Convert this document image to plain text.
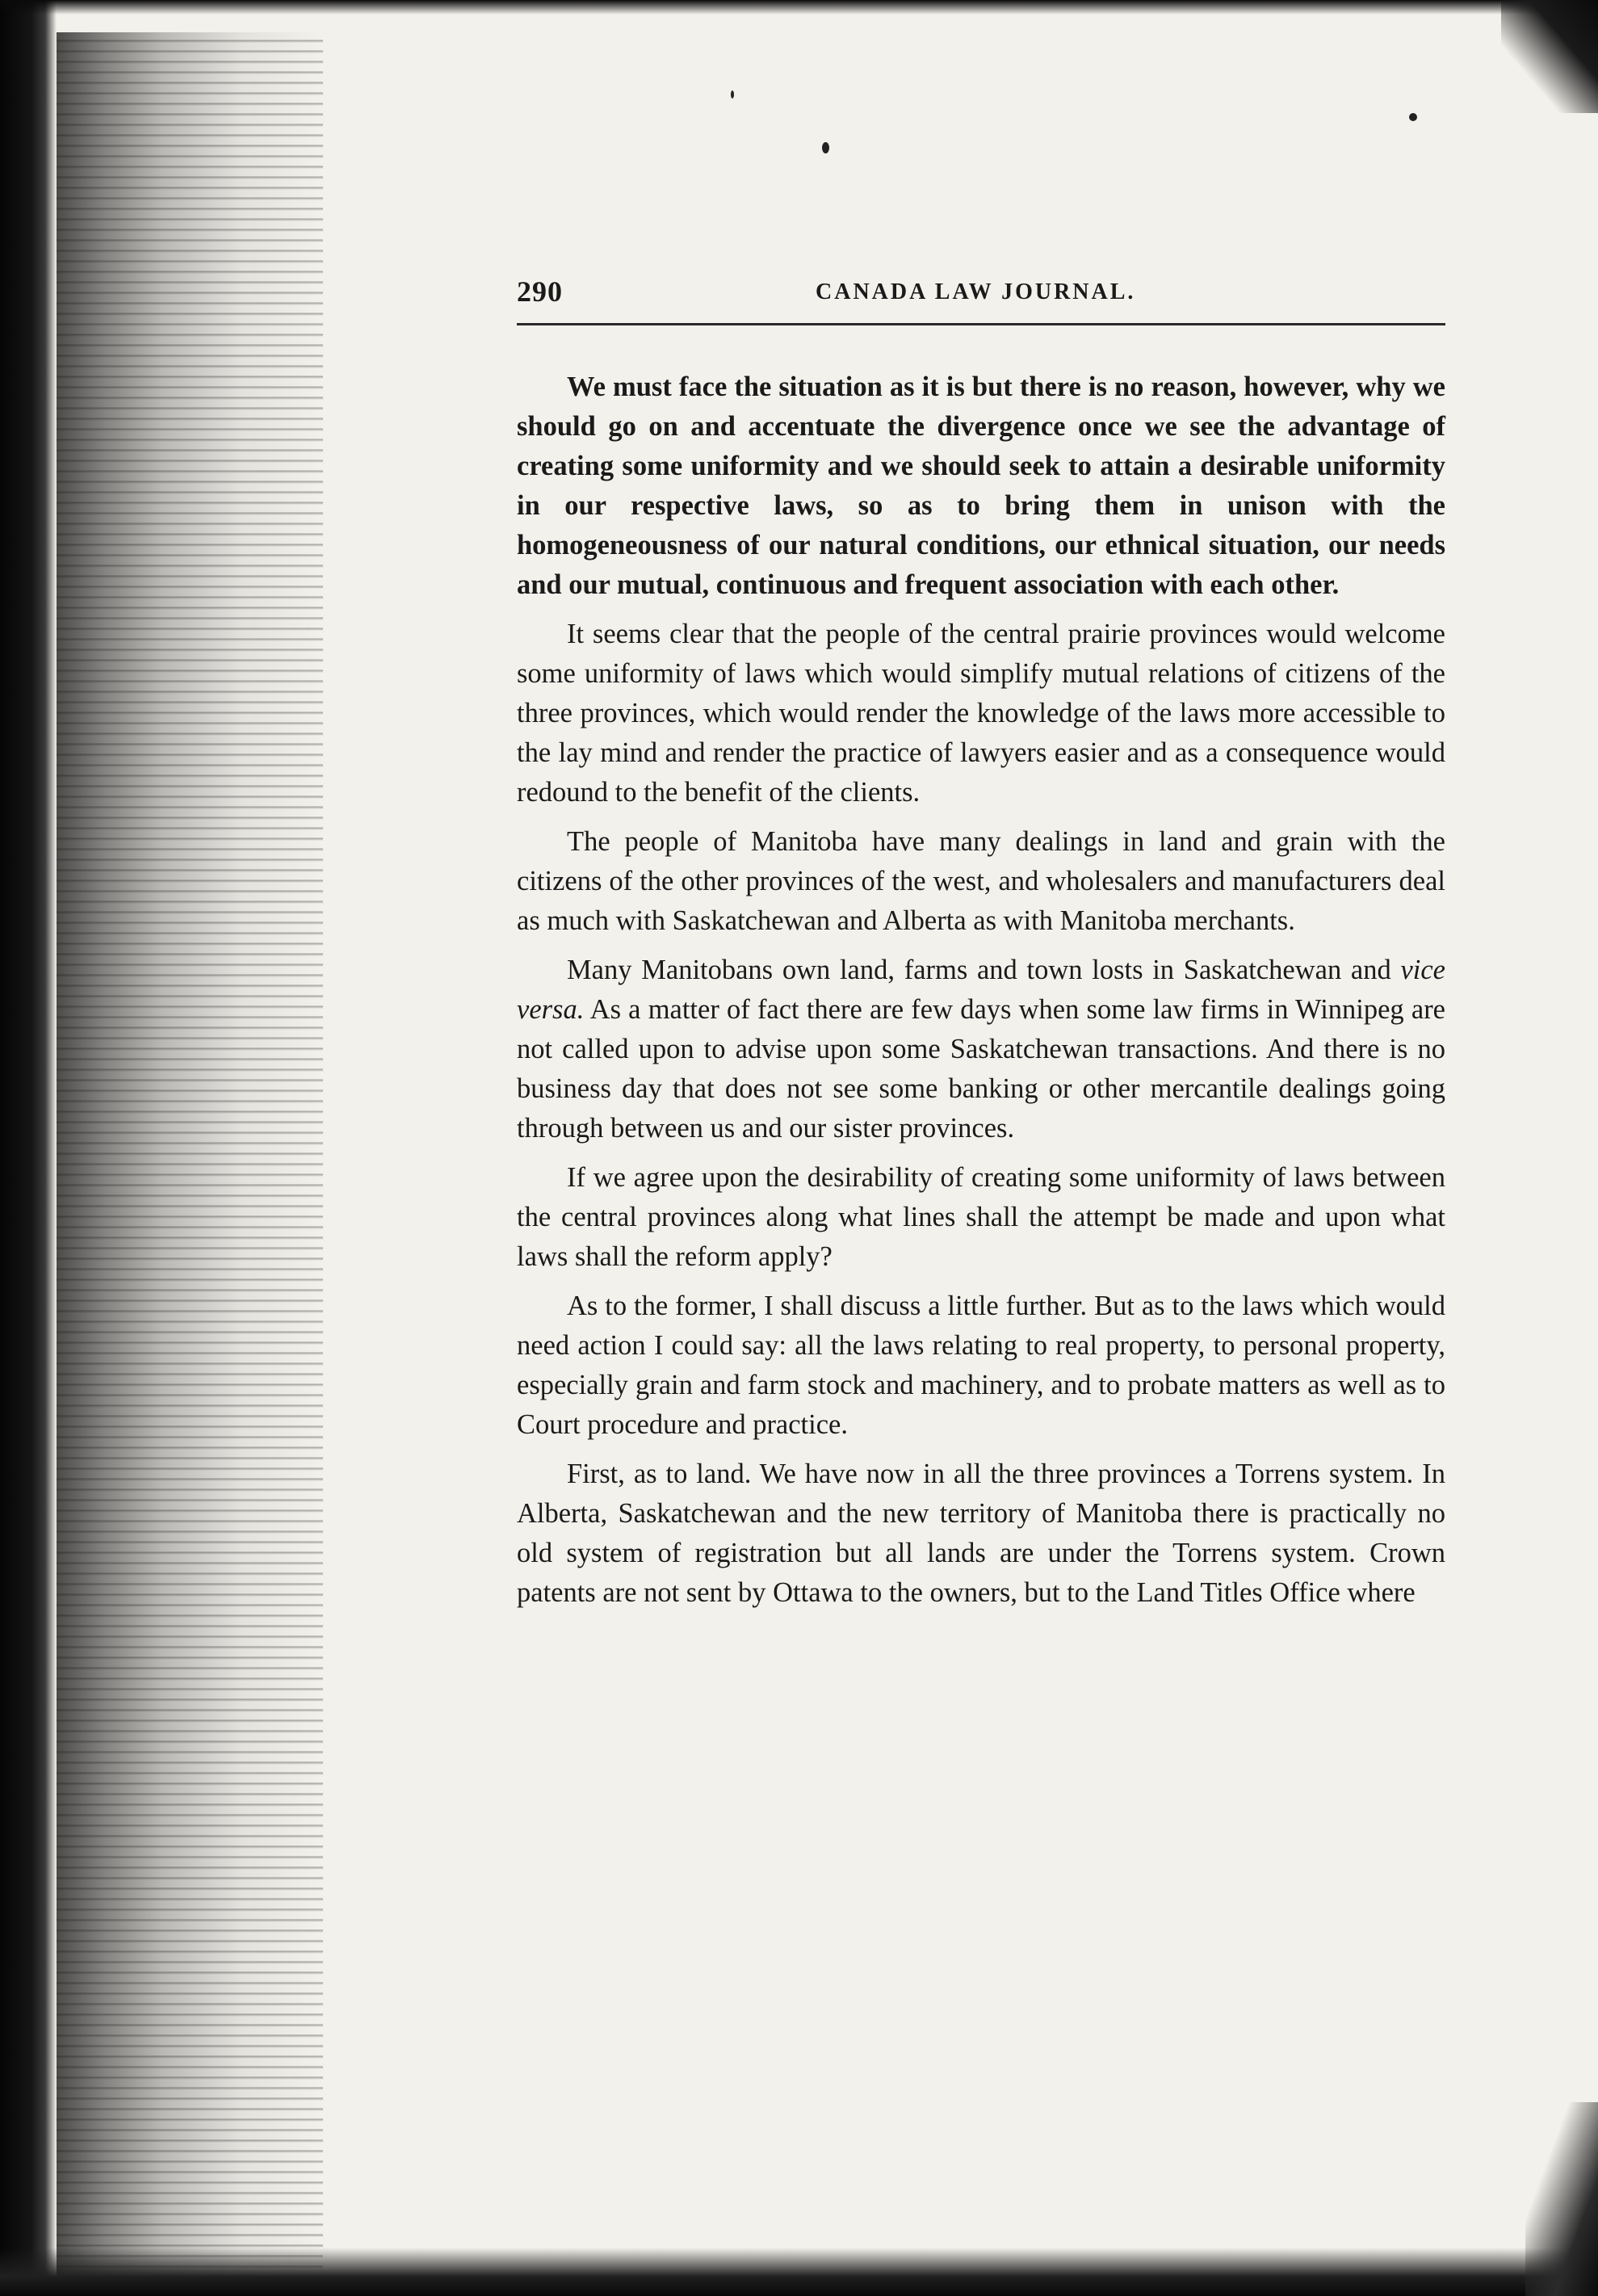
290	CANADA LAW JOURNAL.

We must face the situation as it is but there is no reason, however, why we should go on and accentuate the divergence once we see the advantage of creating some uniformity and we should seek to attain a desirable uniformity in our respective laws, so as to bring them in unison with the homogeneousness of our natural conditions, our ethnical situation, our needs and our mutual, continuous and frequent association with each other.

It seems clear that the people of the central prairie provinces would welcome some uniformity of laws which would simplify mutual relations of citizens of the three provinces, which would render the knowledge of the laws more accessible to the lay mind and render the practice of lawyers easier and as a consequence would redound to the benefit of the clients.

The people of Manitoba have many dealings in land and grain with the citizens of the other provinces of the west, and wholesalers and manufacturers deal as much with Saskatchewan and Alberta as with Manitoba merchants.

Many Manitobans own land, farms and town losts in Saskatchewan and vice versa. As a matter of fact there are few days when some law firms in Winnipeg are not called upon to advise upon some Saskatchewan transactions. And there is no business day that does not see some banking or other mercantile dealings going through between us and our sister provinces.

If we agree upon the desirability of creating some uniformity of laws between the central provinces along what lines shall the attempt be made and upon what laws shall the reform apply?

As to the former, I shall discuss a little further. But as to the laws which would need action I could say: all the laws relating to real property, to personal property, especially grain and farm stock and machinery, and to probate matters as well as to Court procedure and practice.

First, as to land. We have now in all the three provinces a Torrens system. In Alberta, Saskatchewan and the new territory of Manitoba there is practically no old system of registration but all lands are under the Torrens system. Crown patents are not sent by Ottawa to the owners, but to the Land Titles Office where
